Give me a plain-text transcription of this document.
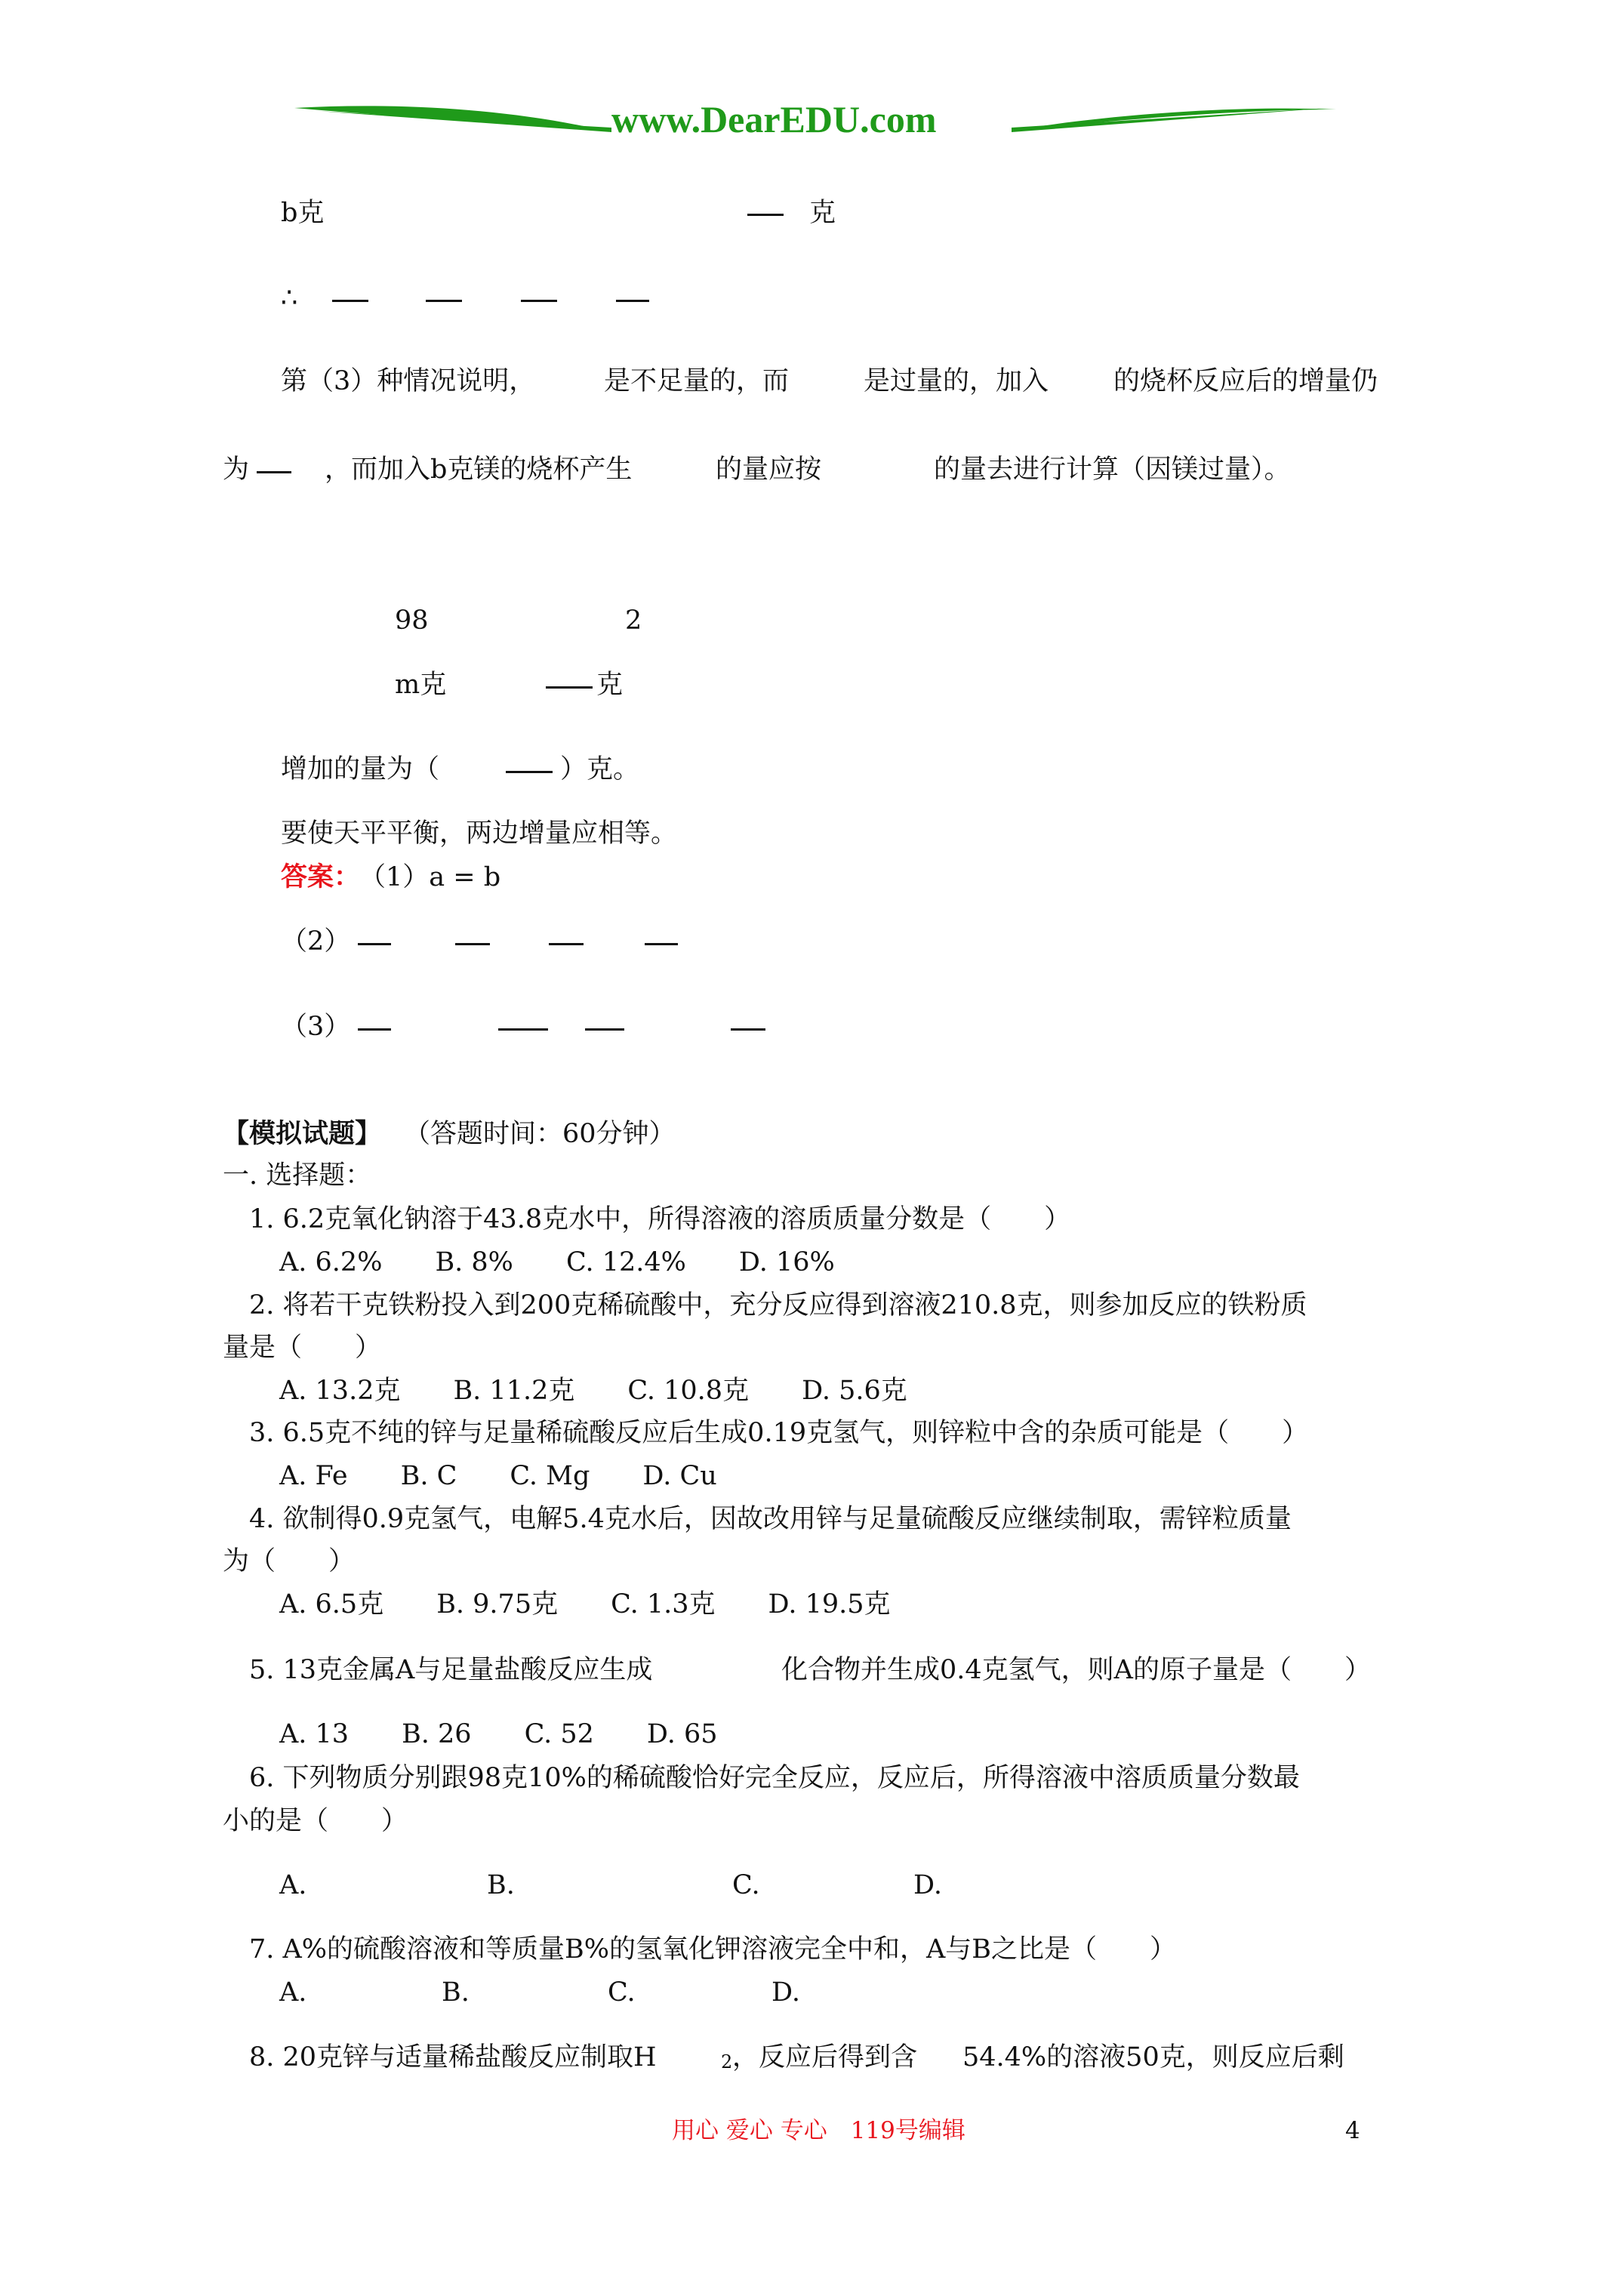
www.DearEDU.com
b克	克
∴
第（3）种情况说明，	是不足量的，而	是过量的，加入 的烧杯反应后的增量仍
为	，而加入b克镁的烧杯产生	的量应按	的量去进行计算（因镁过量）。
98	2
m克	克
增加的量为（	）克。
要使天平平衡，两边增量应相等。
答案：
（1）a = b
（2）
（3）
【模拟试题】 （答题时间：60分钟）
一. 选择题：
1. 6.2克氧化钠溶于43.8克水中，所得溶液的溶质质量分数是（　　）
A. 6.2%　　B. 8%　　C. 12.4%　　D. 16%
2. 将若干克铁粉投入到200克稀硫酸中，充分反应得到溶液210.8克，则参加反应的铁粉质
量是（　　）
A. 13.2克　　B. 11.2克　　C. 10.8克　　D. 5.6克
3. 6.5克不纯的锌与足量稀硫酸反应后生成0.19克氢气，则锌粒中含的杂质可能是（　　）
A. Fe　　B. C　　C. Mg　　D. Cu
4. 欲制得0.9克氢气，电解5.4克水后，因故改用锌与足量硫酸反应继续制取，需锌粒质量
为（　　）
A. 6.5克　　B. 9.75克　　C. 1.3克　　D. 19.5克
5. 13克金属A与足量盐酸反应生成	化合物并生成0.4克氢气，则A的原子量是（　　）
A. 13　　B. 26　　C. 52　　D. 65
6. 下列物质分别跟98克10%的稀硫酸恰好完全反应，反应后，所得溶液中溶质质量分数最
小的是（　　）
A.	B.	C.	D.
7. A%的硫酸溶液和等质量B%的氢氧化钾溶液完全中和，A与B之比是（　　）
A.	B.	C.	D.
8. 20克锌与适量稀盐酸反应制取H	2 ，反应后得到含 54.4%的溶液50克，则反应后剩
用心 爱心 专心　119号编辑	4
